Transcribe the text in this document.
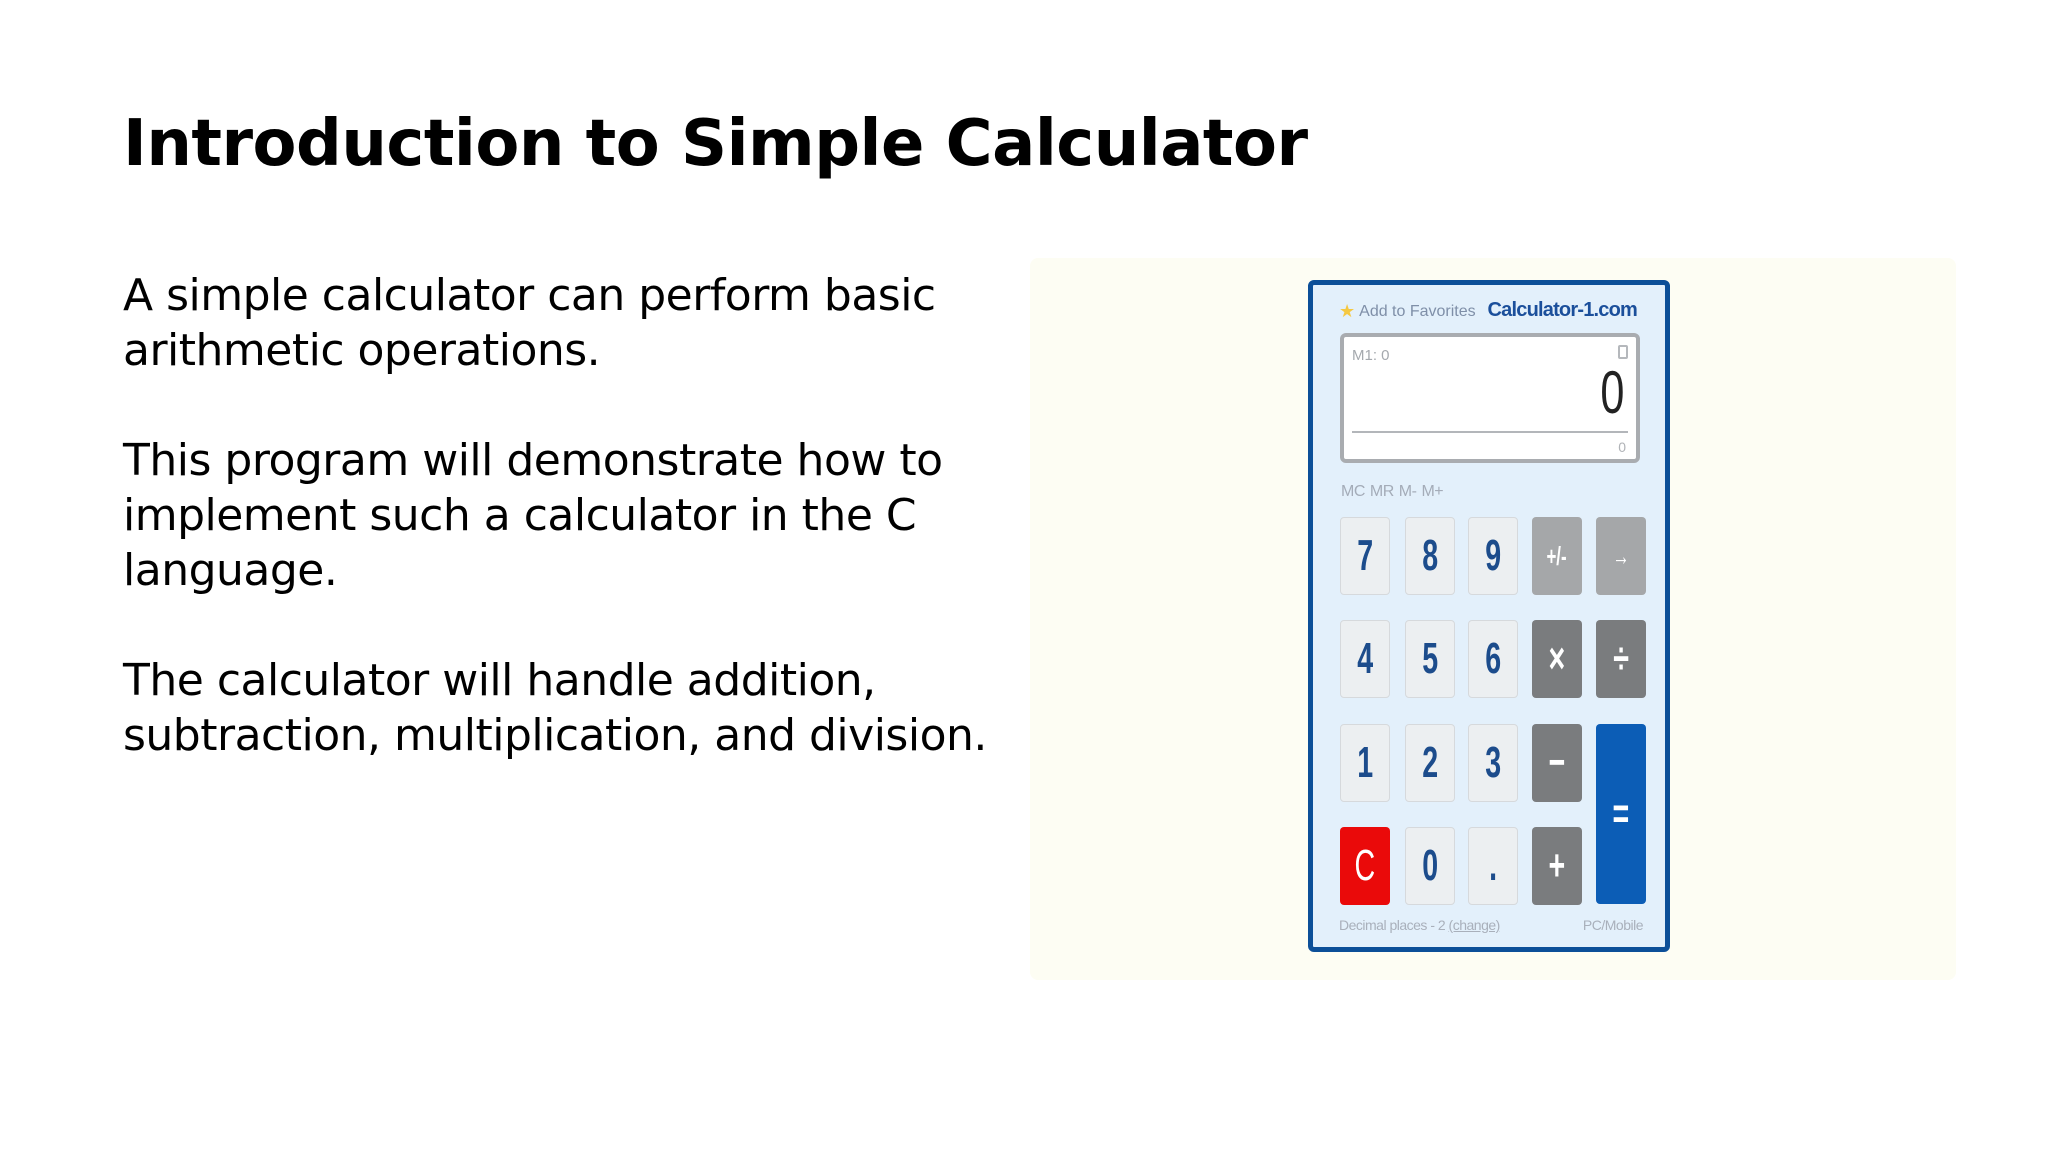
Introduction to Simple Calculator

A simple calculator can perform basic arithmetic operations.

This program will demonstrate how to implement such a calculator in the C language.

The calculator will handle addition, subtraction, multiplication, and division.

★ Add to Favorites Calculator-1.com
M1: 0
0
0
MC MR M- M+
7 8 9 +/- →
4 5 6 × ÷
1 2 3 −
=
C 0 . +
Decimal places - 2 (change)	PC/Mobile
